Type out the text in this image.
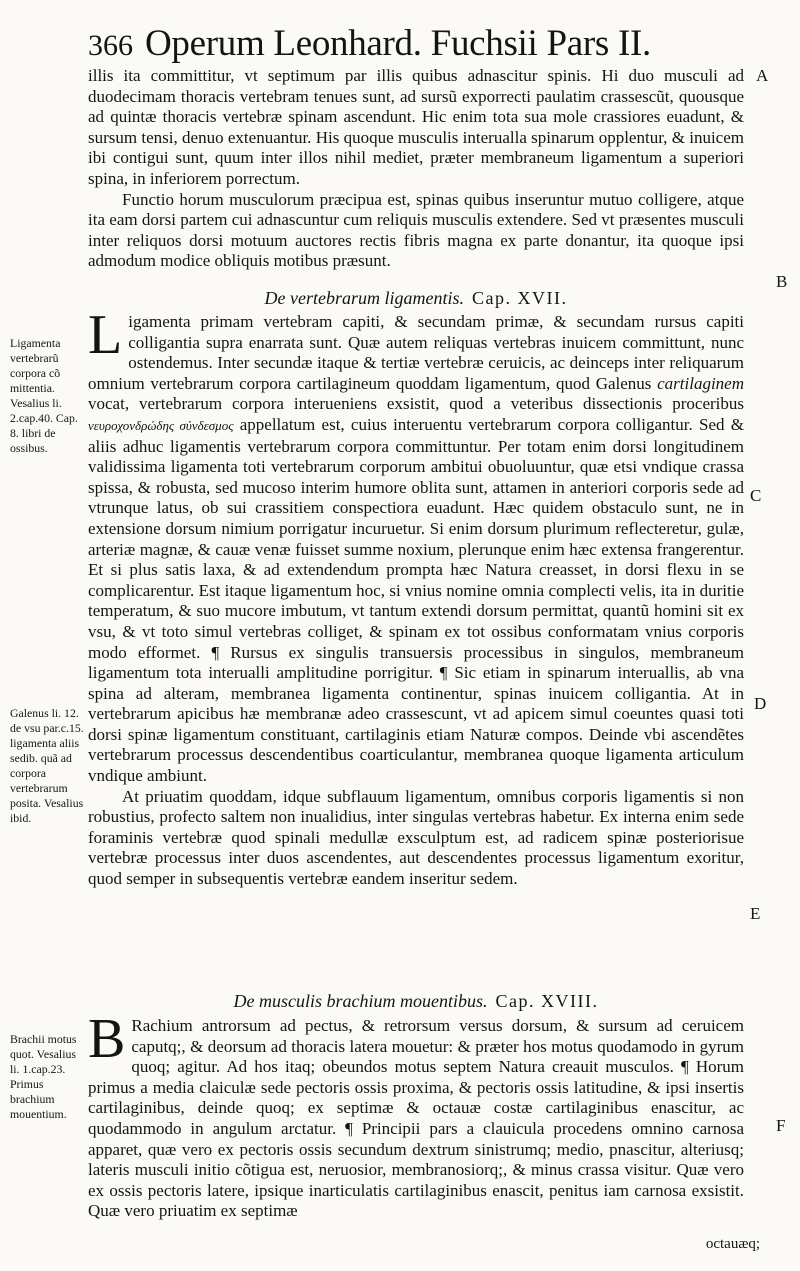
366 Operum Leonhard. Fuchsii Pars II.

illis ita committitur, vt septimum par illis quibus adnascitur spinis. Hi duo musculi ad duodecimam thoracis vertebram tenues sunt, ad sursũ exporrecti paulatim crassescũt, quousque ad quintæ thoracis vertebræ spinam ascendunt. Hic enim tota sua mole crassiores euadunt, & sursum tensi, denuo extenuantur. His quoque musculis interualla spinarum opplentur, & inuicem ibi contigui sunt, quum inter illos nihil mediet, præter membraneum ligamentum a superiori spina, in inferiorem porrectum.

Functio horum musculorum præcipua est, spinas quibus inseruntur mutuo colligere, atque ita eam dorsi partem cui adnascuntur cum reliquis musculis extendere. Sed vt præsentes musculi inter reliquos dorsi motuum auctores rectis fibris magna ex parte donantur, ita quoque ipsi admodum modice obliquis motibus præsunt.

De vertebrarum ligamentis. Cap. XVII.

Ligamenta primam vertebram capiti, & secundam primæ, & secundam rursus capiti colligantia supra enarrata sunt. Quæ autem reliquas vertebras inuicem committunt, nunc ostendemus. Inter secundæ itaque & tertiæ vertebræ ceruicis, ac deinceps inter reliquarum omnium vertebrarum corpora cartilagineum quoddam ligamentum, quod Galenus cartilaginem vocat, vertebrarum corpora interueniens exsistit, quod a veteribus dissectionis proceribus νευροχονδρώδης σύνδεσμος appellatum est, cuius interuentu vertebrarum corpora colligantur. Sed & aliis adhuc ligamentis vertebrarum corpora committuntur. Per totam enim dorsi longitudinem validissima ligamenta toti vertebrarum corporum ambitui obuoluuntur, quæ etsi vndique crassa spissa, & robusta, sed mucoso interim humore oblita sunt, attamen in anteriori corporis sede ad vtrunque latus, ob sui crassitiem conspectiora euadunt. Hæc quidem obstaculo sunt, ne in extensione dorsum nimium porrigatur incuruetur. Si enim dorsum plurimum reflecteretur, gulæ, arteriæ magnæ, & cauæ venæ fuisset summe noxium, plerunque enim hæc extensa frangerentur. Et si plus satis laxa, & ad extendendum prompta hæc Natura creasset, in dorsi flexu in se complicarentur. Est itaque ligamentum hoc, si vnius nomine omnia complecti velis, ita in duritie temperatum, & suo mucore imbutum, vt tantum extendi dorsum permittat, quantũ homini sit ex vsu, & vt toto simul vertebras colliget, & spinam ex tot ossibus conformatam vnius corporis modo efformet. ¶ Rursus ex singulis transuersis processibus in singulos, membraneum ligamentum tota interualli amplitudine porrigitur. ¶ Sic etiam in spinarum interuallis, ab vna spina ad alteram, membranea ligamenta continentur, spinas inuicem colligantia. At in vertebrarum apicibus hæ membranæ adeo crassescunt, vt ad apicem simul coeuntes quasi toti dorsi spinæ ligamentum constituant, cartilaginis etiam Naturæ compos. Deinde vbi ascendẽtes vertebrarum processus descendentibus coarticulantur, membranea quoque ligamenta articulum vndique ambiunt.

At priuatim quoddam, idque subflauum ligamentum, omnibus corporis ligamentis si non robustius, profecto saltem non inualidius, inter singulas vertebras habetur. Ex interna enim sede foraminis vertebræ quod spinali medullæ exsculptum est, ad radicem spinæ posteriorisue vertebræ processus inter duos ascendentes, aut descendentes processus ligamentum exoritur, quod semper in subsequentis vertebræ eandem inseritur sedem.

De musculis brachium mouentibus. Cap. XVIII.

B Rachium antrorsum ad pectus, & retrorsum versus dorsum, & sursum ad ceruicem caputq;, & deorsum ad thoracis latera mouetur: & præter hos motus quodamodo in gyrum quoq; agitur. Ad hos itaq; obeundos motus septem Natura creauit musculos. ¶ Horum primus a media claiculæ sede pectoris ossis proxima, & pectoris ossis latitudine, & ipsi insertis cartilaginibus, deinde quoq; ex septimæ & octauæ costæ cartilaginibus enascitur, ac quodammodo in angulum arctatur. ¶ Principii pars a clauicula procedens omnino carnosa apparet, quæ vero ex pectoris ossis secundum dextrum sinistrumq; medio, pnascitur, alteriusq; lateris musculi initio cõtigua est, neruosior, membranosiorq;, & minus crassa visitur. Quæ vero ex ossis pectoris latere, ipsique inarticulatis cartilaginibus enascit, penitus iam carnosa exsistit. Quæ vero priuatim ex septimæ

Ligamenta vertebrarũ corpora cõ mittentia. Vesalius li. 2.cap.40. Cap. 8. libri de ossibus.
Galenus li. 12. de vsu par.c.15. ligamenta aliis sedib. quã ad corpora vertebrarum posita. Vesalius ibid.
Brachii motus quot. Vesalius li. 1.cap.23. Primus brachium mouentium.
A
B
C
D
E
F
octauæq;
